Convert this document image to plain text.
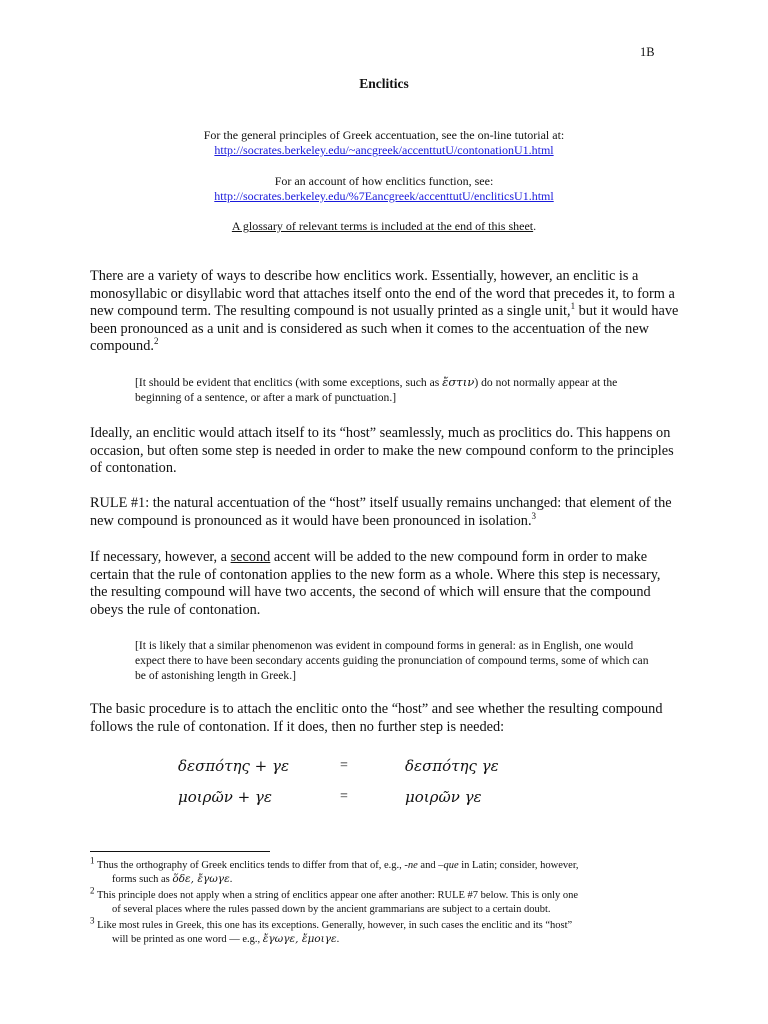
1B
Enclitics
For the general principles of Greek accentuation, see the on-line tutorial at:
http://socrates.berkeley.edu/~ancgreek/accenttutU/contonationU1.html
For an account of how enclitics function, see:
http://socrates.berkeley.edu/%7Eancgreek/accenttutU/encliticsU1.html
A glossary of relevant terms is included at the end of this sheet.
There are a variety of ways to describe how enclitics work. Essentially, however, an enclitic is a monosyllabic or disyllabic word that attaches itself onto the end of the word that precedes it, to form a new compound term. The resulting compound is not usually printed as a single unit,$^1$ but it would have been pronounced as a unit and is considered as such when it comes to the accentuation of the new compound.$^2$
[It should be evident that enclitics (with some exceptions, such as ἔστιν) do not normally appear at the beginning of a sentence, or after a mark of punctuation.]
Ideally, an enclitic would attach itself to its “host” seamlessly, much as proclitics do. This happens on occasion, but often some step is needed in order to make the new compound conform to the principles of contonation.
RULE #1: the natural accentuation of the “host” itself usually remains unchanged: that element of the new compound is pronounced as it would have been pronounced in isolation.$^3$
If necessary, however, a second accent will be added to the new compound form in order to make certain that the rule of contonation applies to the new form as a whole. Where this step is necessary, the resulting compound will have two accents, the second of which will ensure that the compound obeys the rule of contonation.
[It is likely that a similar phenomenon was evident in compound forms in general: as in English, one would expect there to have been secondary accents guiding the pronunciation of compound terms, some of which can be of astonishing length in Greek.]
The basic procedure is to attach the enclitic onto the “host” and see whether the resulting compound follows the rule of contonation. If it does, then no further step is needed:
δεσπότης + γε	=	δεσπότης γε
μοιρῶν + γε	=	μοιρῶν γε
$^1$ Thus the orthography of Greek enclitics tends to differ from that of, e.g., -ne and –que in Latin; consider, however,
forms such as ὅδε, ἔγωγε.
$^2$ This principle does not apply when a string of enclitics appear one after another: RULE #7 below. This is only one
of several places where the rules passed down by the ancient grammarians are subject to a certain doubt.
$^3$ Like most rules in Greek, this one has its exceptions. Generally, however, in such cases the enclitic and its “host”
will be printed as one word — e.g., ἔγωγε, ἔμοιγε.
